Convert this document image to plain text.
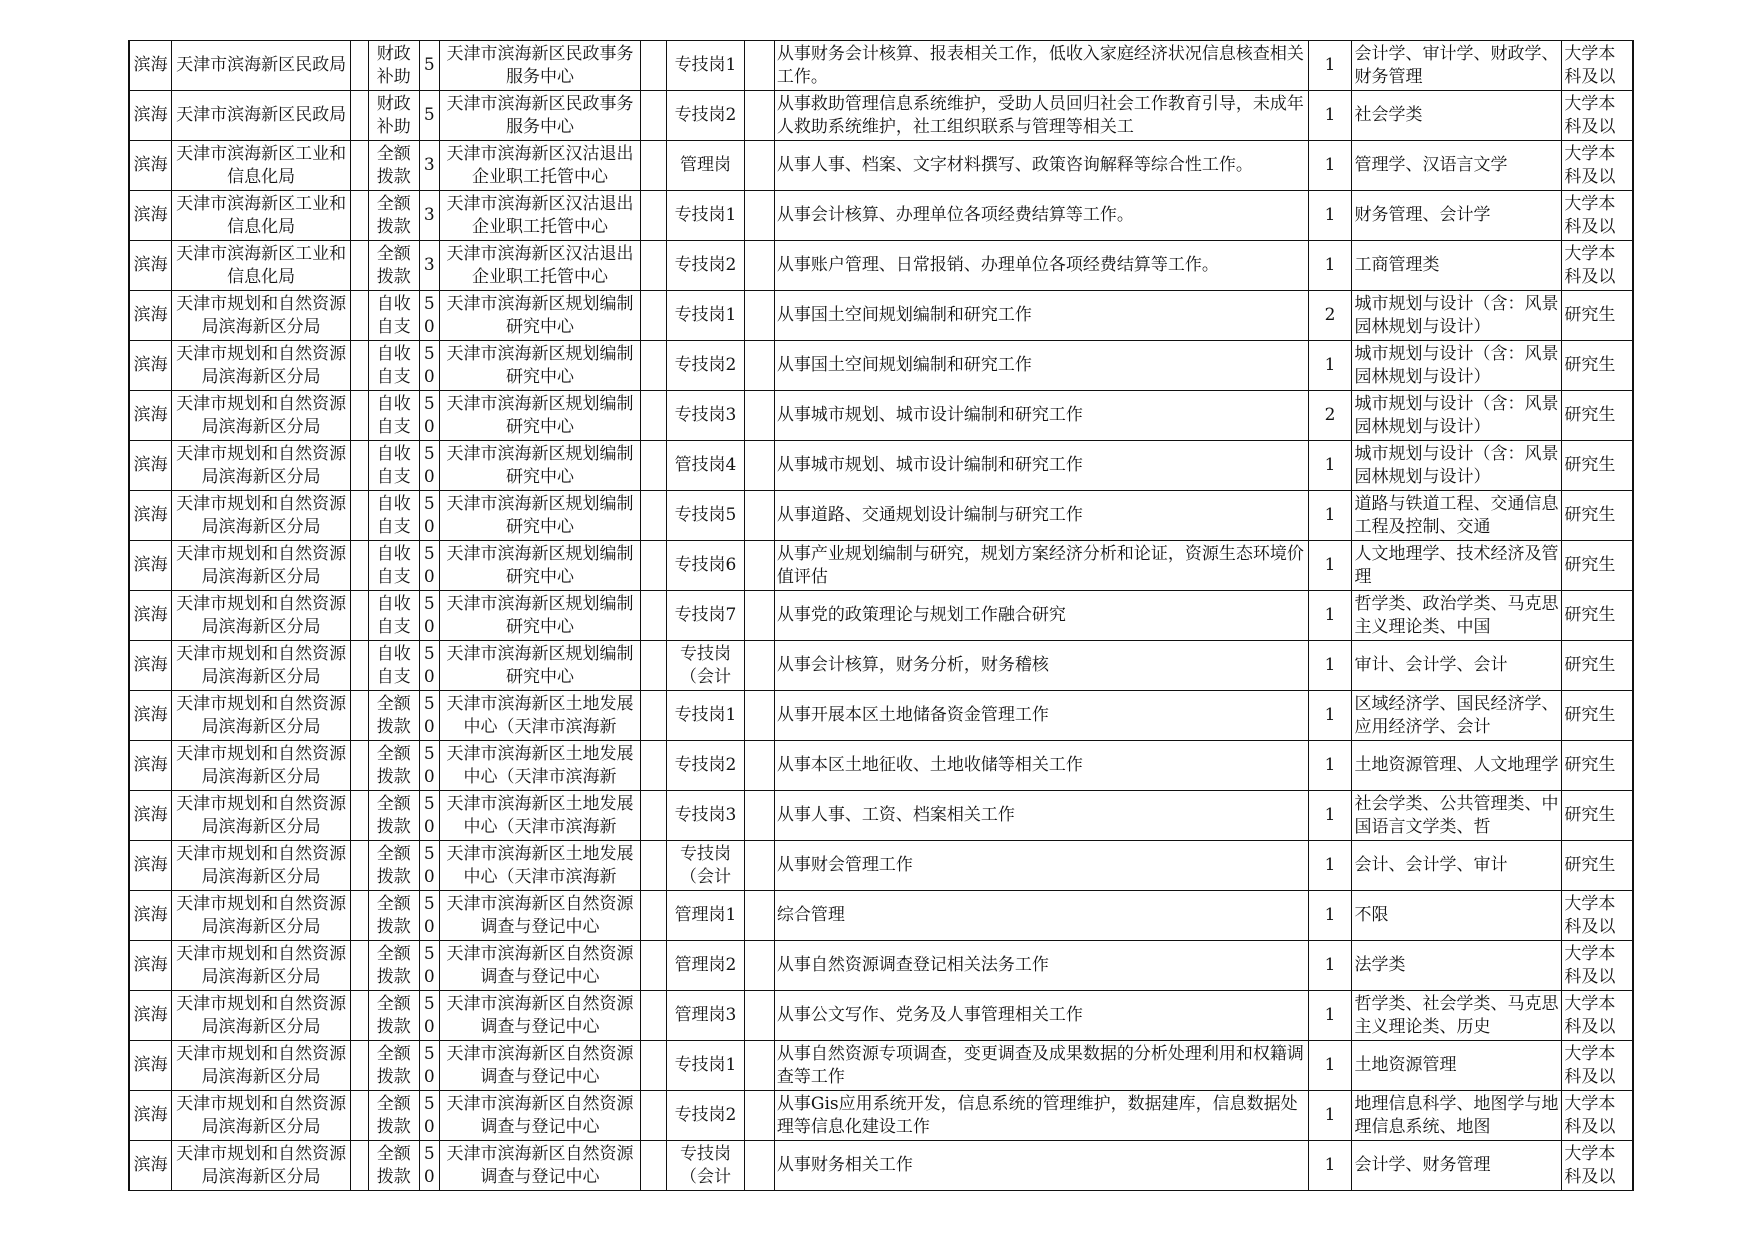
滨海	天津市滨海新区民政局		财政补助	5	天津市滨海新区民政事务服务中心		专技岗1		从事财务会计核算、报表相关工作，低收入家庭经济状况信息核查相关工作。	1	会计学、审计学、财政学、财务管理	大学本科及以

滨海	天津市滨海新区民政局		财政补助	5	天津市滨海新区民政事务服务中心		专技岗2		从事救助管理信息系统维护，受助人员回归社会工作教育引导，未成年人救助系统维护，社工组织联系与管理等相关工	1	社会学类	大学本科及以

滨海	天津市滨海新区工业和信息化局		全额拨款	3	天津市滨海新区汉沽退出企业职工托管中心		管理岗		从事人事、档案、文字材料撰写、政策咨询解释等综合性工作。	1	管理学、汉语言文学	大学本科及以

滨海	天津市滨海新区工业和信息化局		全额拨款	3	天津市滨海新区汉沽退出企业职工托管中心		专技岗1		从事会计核算、办理单位各项经费结算等工作。	1	财务管理、会计学	大学本科及以

滨海	天津市滨海新区工业和信息化局		全额拨款	3	天津市滨海新区汉沽退出企业职工托管中心		专技岗2		从事账户管理、日常报销、办理单位各项经费结算等工作。	1	工商管理类	大学本科及以

滨海	天津市规划和自然资源局滨海新区分局		自收自支	50	天津市滨海新区规划编制研究中心		专技岗1		从事国土空间规划编制和研究工作	2	城市规划与设计（含：风景园林规划与设计）	研究生

滨海	天津市规划和自然资源局滨海新区分局		自收自支	50	天津市滨海新区规划编制研究中心		专技岗2		从事国土空间规划编制和研究工作	1	城市规划与设计（含：风景园林规划与设计）	研究生

滨海	天津市规划和自然资源局滨海新区分局		自收自支	50	天津市滨海新区规划编制研究中心		专技岗3		从事城市规划、城市设计编制和研究工作	2	城市规划与设计（含：风景园林规划与设计）	研究生

滨海	天津市规划和自然资源局滨海新区分局		自收自支	50	天津市滨海新区规划编制研究中心		管技岗4		从事城市规划、城市设计编制和研究工作	1	城市规划与设计（含：风景园林规划与设计）	研究生

滨海	天津市规划和自然资源局滨海新区分局		自收自支	50	天津市滨海新区规划编制研究中心		专技岗5		从事道路、交通规划设计编制与研究工作	1	道路与铁道工程、交通信息工程及控制、交通	研究生

滨海	天津市规划和自然资源局滨海新区分局		自收自支	50	天津市滨海新区规划编制研究中心		专技岗6		从事产业规划编制与研究，规划方案经济分析和论证，资源生态环境价值评估	1	人文地理学、技术经济及管理	研究生

滨海	天津市规划和自然资源局滨海新区分局		自收自支	50	天津市滨海新区规划编制研究中心		专技岗7		从事党的政策理论与规划工作融合研究	1	哲学类、政治学类、马克思主义理论类、中国	研究生

滨海	天津市规划和自然资源局滨海新区分局		自收自支	50	天津市滨海新区规划编制研究中心		专技岗（会计		从事会计核算，财务分析，财务稽核	1	审计、会计学、会计	研究生

滨海	天津市规划和自然资源局滨海新区分局		全额拨款	50	天津市滨海新区土地发展中心（天津市滨海新		专技岗1		从事开展本区土地储备资金管理工作	1	区域经济学、国民经济学、应用经济学、会计	研究生

滨海	天津市规划和自然资源局滨海新区分局		全额拨款	50	天津市滨海新区土地发展中心（天津市滨海新		专技岗2		从事本区土地征收、土地收储等相关工作	1	土地资源管理、人文地理学	研究生

滨海	天津市规划和自然资源局滨海新区分局		全额拨款	50	天津市滨海新区土地发展中心（天津市滨海新		专技岗3		从事人事、工资、档案相关工作	1	社会学类、公共管理类、中国语言文学类、哲	研究生

滨海	天津市规划和自然资源局滨海新区分局		全额拨款	50	天津市滨海新区土地发展中心（天津市滨海新		专技岗（会计		从事财会管理工作	1	会计、会计学、审计	研究生

滨海	天津市规划和自然资源局滨海新区分局		全额拨款	50	天津市滨海新区自然资源调查与登记中心		管理岗1		综合管理	1	不限	大学本科及以

滨海	天津市规划和自然资源局滨海新区分局		全额拨款	50	天津市滨海新区自然资源调查与登记中心		管理岗2		从事自然资源调查登记相关法务工作	1	法学类	大学本科及以

滨海	天津市规划和自然资源局滨海新区分局		全额拨款	50	天津市滨海新区自然资源调查与登记中心		管理岗3		从事公文写作、党务及人事管理相关工作	1	哲学类、社会学类、马克思主义理论类、历史	大学本科及以

滨海	天津市规划和自然资源局滨海新区分局		全额拨款	50	天津市滨海新区自然资源调查与登记中心		专技岗1		从事自然资源专项调查，变更调查及成果数据的分析处理利用和权籍调查等工作	1	土地资源管理	大学本科及以

滨海	天津市规划和自然资源局滨海新区分局		全额拨款	50	天津市滨海新区自然资源调查与登记中心		专技岗2		从事Gis应用系统开发，信息系统的管理维护，数据建库，信息数据处理等信息化建设工作	1	地理信息科学、地图学与地理信息系统、地图	大学本科及以

滨海	天津市规划和自然资源局滨海新区分局		全额拨款	50	天津市滨海新区自然资源调查与登记中心		专技岗（会计		从事财务相关工作	1	会计学、财务管理	大学本科及以
